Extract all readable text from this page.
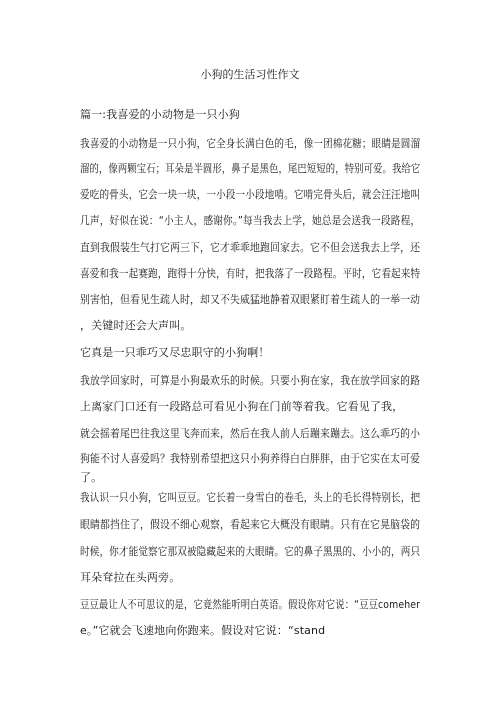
小狗的生活习性作文
篇一:我喜爱的小动物是一只小狗
我喜爱的小动物是一只小狗，它全身长满白色的毛，像一团棉花糖；眼睛是圆溜
溜的，像两颗宝石；耳朵是半圆形，鼻子是黑色，尾巴短短的，特别可爱。我给它
爱吃的骨头，它会一块一块，一小段一小段地啃。它啃完骨头后，就会汪汪地叫
几声，好似在说：“小主人，感谢你。”每当我去上学，她总是会送我一段路程，
直到我假装生气打它两三下，它才乖乖地跑回家去。它不但会送我去上学，还
喜爱和我一起赛跑，跑得十分快，有时，把我落了一段路程。平时，它看起来特
别害怕，但看见生疏人时，却又不失威猛地静着双眼紧盯着生疏人的一举一动
，关键时还会大声叫。
它真是一只乖巧又尽忠职守的小狗啊！
我放学回家时，可算是小狗最欢乐的时候。只要小狗在家，我在放学回家的路
上离家门口还有一段路总可看见小狗在门前等着我。它看见了我，
就会摇着尾巴往我这里飞奔而来，然后在我人前人后蹦来蹦去。这么乖巧的小
狗能不讨人喜爱吗？我特别希望把这只小狗养得白白胖胖，由于它实在太可爱
了。
我认识一只小狗，它叫豆豆。它长着一身雪白的卷毛，头上的毛长得特别长，把
眼睛都挡住了，假设不细心观察，看起来它大概没有眼睛。只有在它晃脑袋的
时候，你才能觉察它那双被隐藏起来的大眼睛。它的鼻子黑黑的、小小的，两只
耳朵耷拉在头两旁。
豆豆最让人不可思议的是，它竟然能听明白英语。假设你对它说：“豆豆comeher
e。”它就会飞速地向你跑来。假设对它说：“stand
